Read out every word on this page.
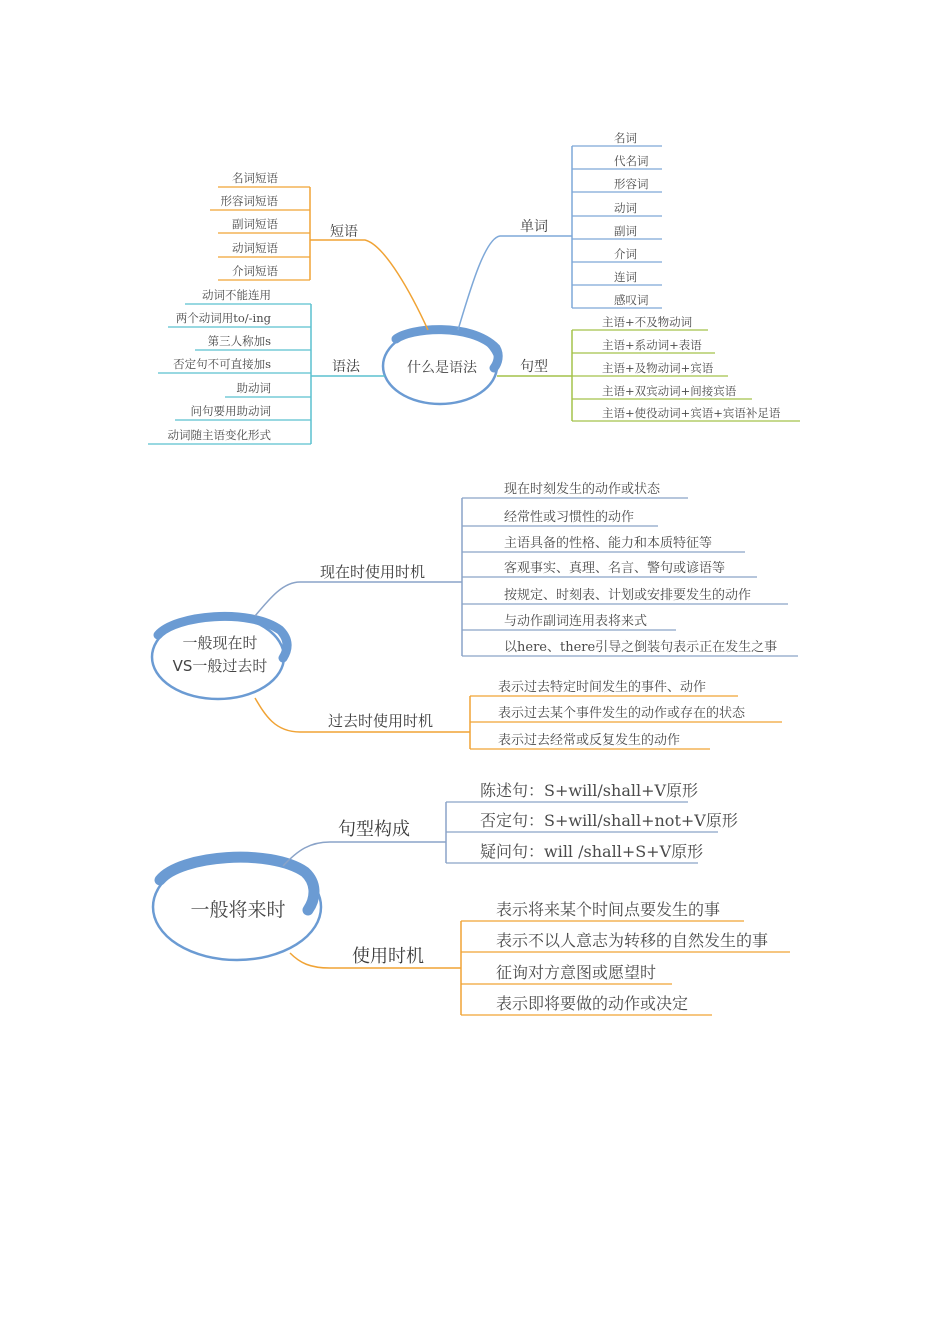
什么是语法
短语
名词短语
形容词短语
副词短语
动词短语
介词短语
语法
动词不能连用
两个动词用to/-ing
第三人称加s
否定句不可直接加s
助动词
问句要用助动词
动词随主语变化形式
单词
名词
代名词
形容词
动词
副词
介词
连词
感叹词
句型
主语+不及物动词
主语+系动词+表语
主语+及物动词+宾语
主语+双宾动词+间接宾语
主语+使役动词+宾语+宾语补足语
一般现在时
VS一般过去时
现在时使用时机
现在时刻发生的动作或状态
经常性或习惯性的动作
主语具备的性格、能力和本质特征等
客观事实、真理、名言、警句或谚语等
按规定、时刻表、计划或安排要发生的动作
与动作副词连用表将来式
以here、there引导之倒装句表示正在发生之事
过去时使用时机
表示过去特定时间发生的事件、动作
表示过去某个事件发生的动作或存在的状态
表示过去经常或反复发生的动作
一般将来时
句型构成
陈述句：S+will/shall+V原形
否定句：S+will/shall+not+V原形
疑问句：will /shall+S+V原形
使用时机
表示将来某个时间点要发生的事
表示不以人意志为转移的自然发生的事
征询对方意图或愿望时
表示即将要做的动作或决定
